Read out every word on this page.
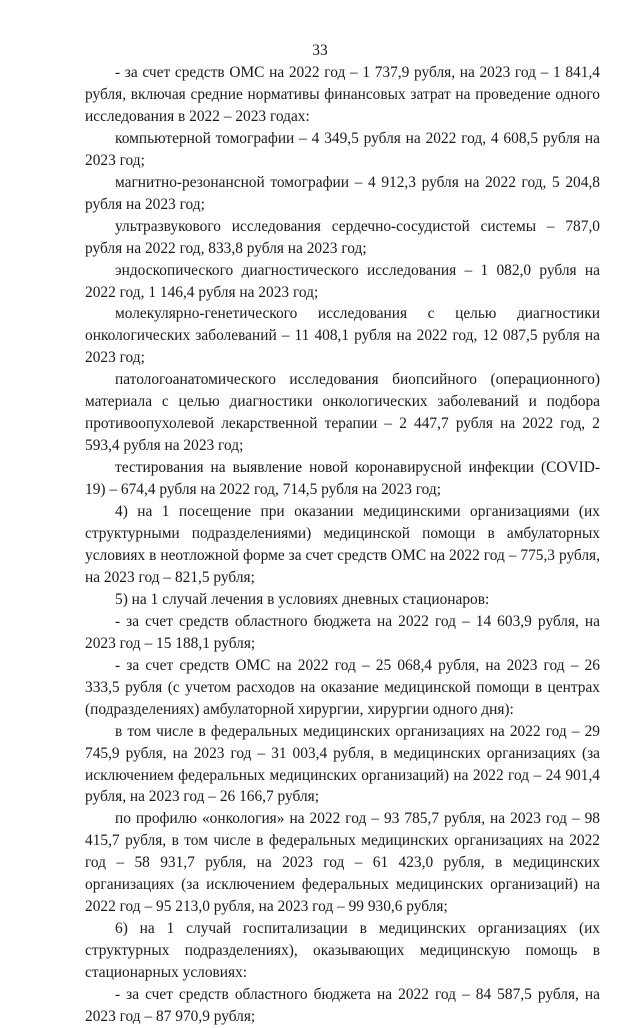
33

- за счет средств ОМС на 2022 год – 1 737,9 рубля, на 2023 год – 1 841,4 рубля, включая средние нормативы финансовых затрат на проведение одного исследования в 2022 – 2023 годах:

компьютерной томографии – 4 349,5 рубля на 2022 год, 4 608,5 рубля на 2023 год;

магнитно-резонансной томографии – 4 912,3 рубля на 2022 год, 5 204,8 рубля на 2023 год;

ультразвукового исследования сердечно-сосудистой системы – 787,0 рубля на 2022 год, 833,8 рубля на 2023 год;

эндоскопического диагностического исследования – 1 082,0 рубля на 2022 год, 1 146,4 рубля на 2023 год;

молекулярно-генетического исследования с целью диагностики онкологических заболеваний – 11 408,1 рубля на 2022 год, 12 087,5 рубля на 2023 год;

патологоанатомического исследования биопсийного (операционного) материала с целью диагностики онкологических заболеваний и подбора противоопухолевой лекарственной терапии – 2 447,7 рубля на 2022 год, 2 593,4 рубля на 2023 год;

тестирования на выявление новой коронавирусной инфекции (COVID-19) – 674,4 рубля на 2022 год, 714,5 рубля на 2023 год;

4) на 1 посещение при оказании медицинскими организациями (их структурными подразделениями) медицинской помощи в амбулаторных условиях в неотложной форме за счет средств ОМС на 2022 год – 775,3 рубля, на 2023 год – 821,5 рубля;

5) на 1 случай лечения в условиях дневных стационаров:

- за счет средств областного бюджета на 2022 год – 14 603,9 рубля, на 2023 год – 15 188,1 рубля;

- за счет средств ОМС на 2022 год – 25 068,4 рубля, на 2023 год – 26 333,5 рубля (с учетом расходов на оказание медицинской помощи в центрах (подразделениях) амбулаторной хирургии, хирургии одного дня):

в том числе в федеральных медицинских организациях на 2022 год – 29 745,9 рубля, на 2023 год – 31 003,4 рубля, в медицинских организациях (за исключением федеральных медицинских организаций) на 2022 год – 24 901,4 рубля, на 2023 год – 26 166,7 рубля;

по профилю «онкология» на 2022 год – 93 785,7 рубля, на 2023 год – 98 415,7 рубля, в том числе в федеральных медицинских организациях на 2022 год – 58 931,7 рубля, на 2023 год – 61 423,0 рубля, в медицинских организациях (за исключением федеральных медицинских организаций) на 2022 год – 95 213,0 рубля, на 2023 год – 99 930,6 рубля;

6) на 1 случай госпитализации в медицинских организациях (их структурных подразделениях), оказывающих медицинскую помощь в стационарных условиях:

- за счет средств областного бюджета на 2022 год – 84 587,5 рубля, на 2023 год – 87 970,9 рубля;
